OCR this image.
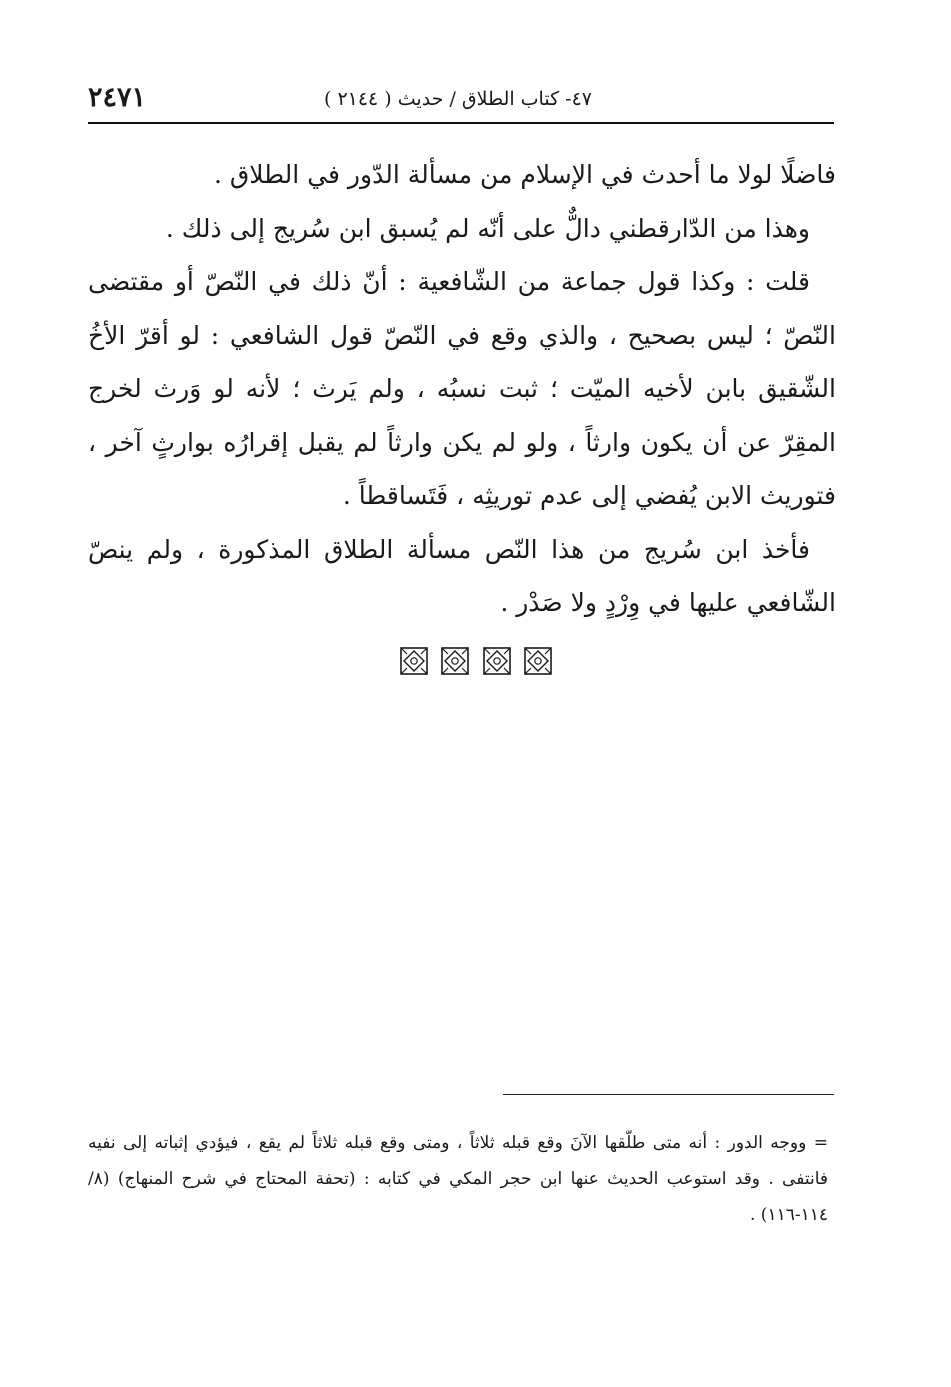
٢٤٧١	٤٧- كتاب الطلاق / حديث ( ٢١٤٤ )

فاضلًا لولا ما أحدث في الإسلام من مسألة الدّور في الطلاق .

وهذا من الدّارقطني دالٌّ على أنّه لم يُسبق ابن سُريج إلى ذلك .

قلت : وكذا قول جماعة من الشّافعية : أنّ ذلك في النّصّ أو مقتضى النّصّ ؛ ليس بصحيح ، والذي وقع في النّصّ قول الشافعي : لو أقرّ الأخُ الشّقيق بابن لأخيه الميّت ؛ ثبت نسبُه ، ولم يَرث ؛ لأنه لو وَرث لخرج المقِرّ عن أن يكون وارثاً ، ولو لم يكن وارثاً لم يقبل إقرارُه بوارثٍ آخر ، فتوريث الابن يُفضي إلى عدم توريثِه ، فَتَساقطاً .

فأخذ ابن سُريج من هذا النّص مسألة الطلاق المذكورة ، ولم ينصّ الشّافعي عليها في وِرْدٍ ولا صَدْر .

= ووجه الدور : أنه متى طلّقها الآنَ وقع قبله ثلاثاً ، ومتى وقع قبله ثلاثاً لم يقع ، فيؤدي إثباته إلى نفيه فانتفى . وقد استوعب الحديث عنها ابن حجر المكي في كتابه : (تحفة المحتاج في شرح المنهاج) (٨/ ١١٤-١١٦) .
